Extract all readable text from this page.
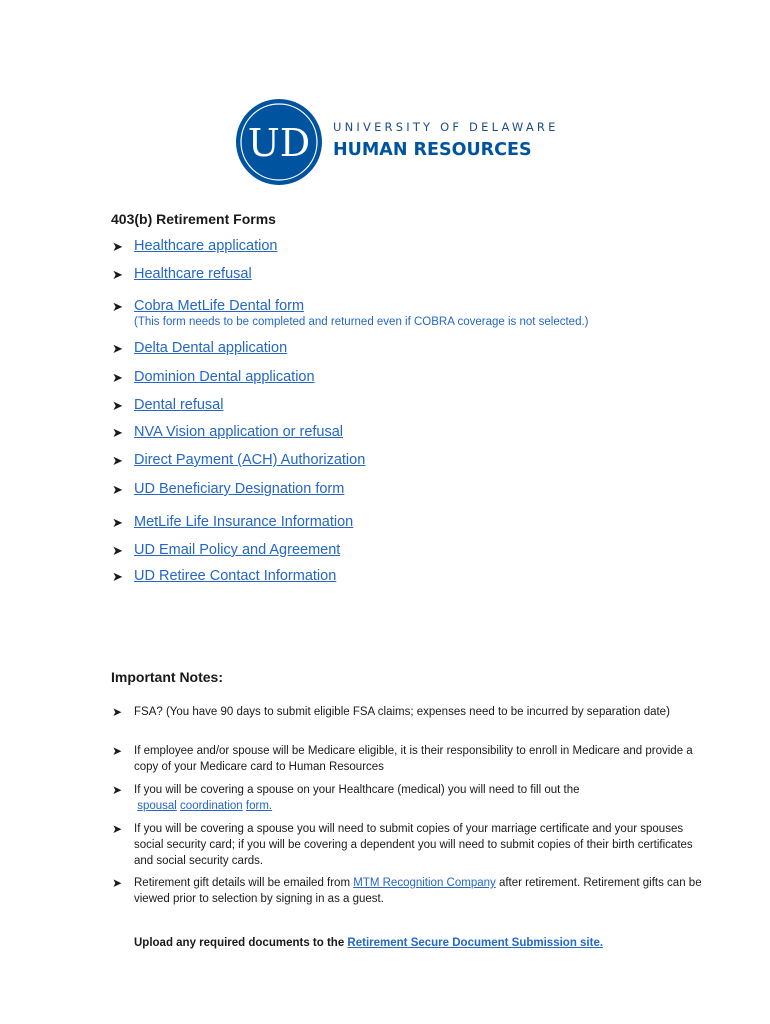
UD UNIVERSITY OF DELAWARE
HUMAN RESOURCES
403(b) Retirement Forms
➤ Healthcare application
➤ Healthcare refusal
➤ Cobra MetLife Dental form
(This form needs to be completed and returned even if COBRA coverage is not selected.)
➤ Delta Dental application
➤ Dominion Dental application
➤ Dental refusal
➤ NVA Vision application or refusal
➤ Direct Payment (ACH) Authorization
➤ UD Beneficiary Designation form
➤ MetLife Life Insurance Information
➤ UD Email Policy and Agreement
➤ UD Retiree Contact Information
Important Notes:
➤	FSA? (You have 90 days to submit eligible FSA claims; expenses need to be incurred by separation date)
➤	If employee and/or spouse will be Medicare eligible, it is their responsibility to enroll in Medicare and provide a copy of your Medicare card to Human Resources
➤	If you will be covering a spouse on your Healthcare (medical) you will need to fill out the
spousal coordination form.
➤	If you will be covering a spouse you will need to submit copies of your marriage certificate and your spouses social security card; if you will be covering a dependent you will need to submit copies of their birth certificates and social security cards.
➤	Retirement gift details will be emailed from MTM Recognition Company after retirement. Retirement gifts can be viewed prior to selection by signing in as a guest.
Upload any required documents to the Retirement Secure Document Submission site.
